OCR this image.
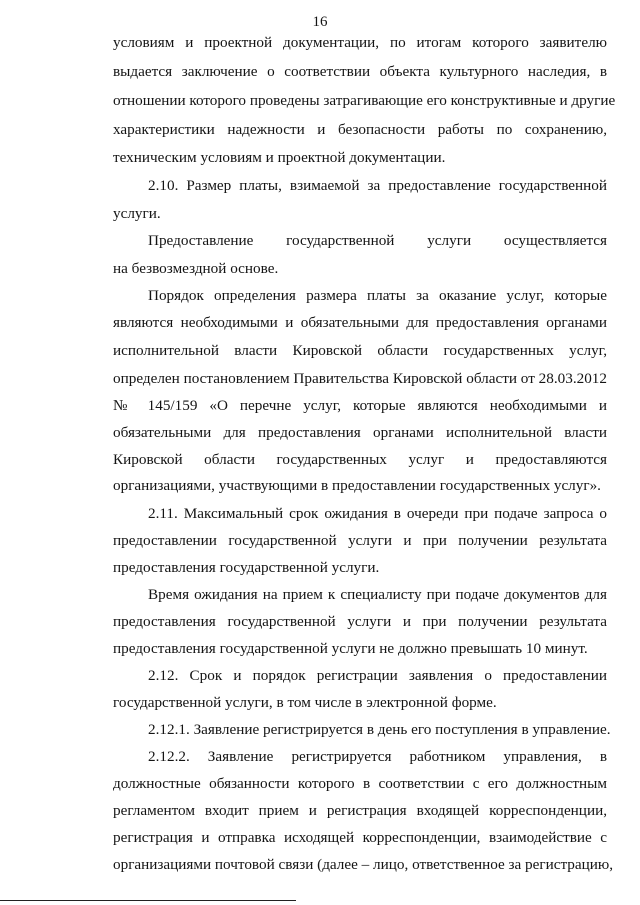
16

условиям и проектной документации, по итогам которого заявителю

выдается заключение о соответствии объекта культурного наследия, в

отношении которого проведены затрагивающие его конструктивные и другие

характеристики надежности и безопасности работы по сохранению,

техническим условиям и проектной документации.

2.10. Размер платы, взимаемой за предоставление государственной

услуги.

Предоставление государственной услуги осуществляется

на безвозмездной основе.

Порядок определения размера платы за оказание услуг, которые

являются необходимыми и обязательными для предоставления органами

исполнительной власти Кировской области государственных услуг,

определен постановлением Правительства Кировской области от 28.03.2012

№ 145/159 «О перечне услуг, которые являются необходимыми и

обязательными для предоставления органами исполнительной власти

Кировской области государственных услуг и предоставляются

организациями, участвующими в предоставлении государственных услуг».

2.11. Максимальный срок ожидания в очереди при подаче запроса о

предоставлении государственной услуги и при получении результата

предоставления государственной услуги.

Время ожидания на прием к специалисту при подаче документов для

предоставления государственной услуги и при получении результата

предоставления государственной услуги не должно превышать 10 минут.

2.12. Срок и порядок регистрации заявления о предоставлении

государственной услуги, в том числе в электронной форме.

2.12.1. Заявление регистрируется в день его поступления в управление.

2.12.2. Заявление регистрируется работником управления, в

должностные обязанности которого в соответствии с его должностным

регламентом входит прием и регистрация входящей корреспонденции,

регистрация и отправка исходящей корреспонденции, взаимодействие с

организациями почтовой связи (далее – лицо, ответственное за регистрацию,
